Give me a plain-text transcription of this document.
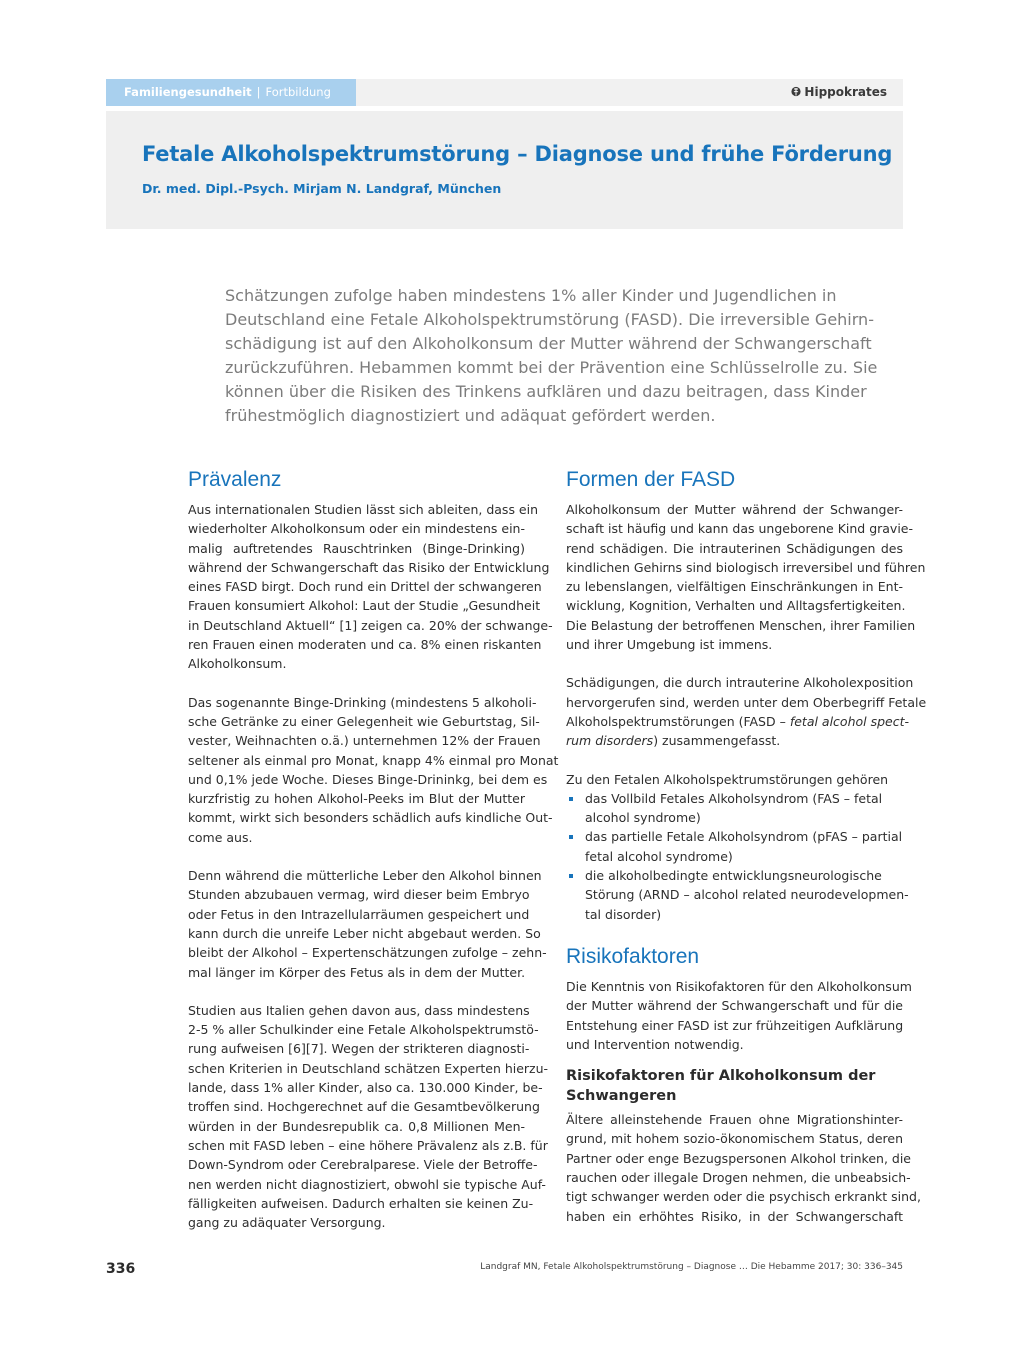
Familiengesundheit | Fortbildung	Hippokrates
Fetale Alkoholspektrumstörung – Diagnose und frühe Förderung
Dr. med. Dipl.-Psych. Mirjam N. Landgraf, München

Schätzungen zufolge haben mindestens 1% aller Kinder und Jugendlichen in
Deutschland eine Fetale Alkoholspektrumstörung (FASD). Die irreversible Gehirn-
schädigung ist auf den Alkoholkonsum der Mutter während der Schwangerschaft
zurückzuführen. Hebammen kommt bei der Prävention eine Schlüsselrolle zu. Sie
können über die Risiken des Trinkens aufklären und dazu beitragen, dass Kinder
frühestmöglich diagnostiziert und adäquat gefördert werden.

Prävalenz

Aus internationalen Studien lässt sich ableiten, dass ein
wiederholter Alkoholkonsum oder ein mindestens ein-
malig auftretendes Rauschtrinken (Binge-Drinking)
während der Schwangerschaft das Risiko der Entwicklung
eines FASD birgt. Doch rund ein Drittel der schwangeren
Frauen konsumiert Alkohol: Laut der Studie „Gesundheit
in Deutschland Aktuell“ [1] zeigen ca. 20% der schwange-
ren Frauen einen moderaten und ca. 8% einen riskanten
Alkoholkonsum.

Das sogenannte Binge-Drinking (mindestens 5 alkoholi-
sche Getränke zu einer Gelegenheit wie Geburtstag, Sil-
vester, Weihnachten o.ä.) unternehmen 12% der Frauen
seltener als einmal pro Monat, knapp 4% einmal pro Monat
und 0,1% jede Woche. Dieses Binge-Drininkg, bei dem es
kurzfristig zu hohen Alkohol-Peeks im Blut der Mutter
kommt, wirkt sich besonders schädlich aufs kindliche Out-
come aus.

Denn während die mütterliche Leber den Alkohol binnen
Stunden abzubauen vermag, wird dieser beim Embryo
oder Fetus in den Intrazellularräumen gespeichert und
kann durch die unreife Leber nicht abgebaut werden. So
bleibt der Alkohol – Expertenschätzungen zufolge – zehn-
mal länger im Körper des Fetus als in dem der Mutter.

Studien aus Italien gehen davon aus, dass mindestens
2-5 % aller Schulkinder eine Fetale Alkoholspektrumstö-
rung aufweisen [6][7]. Wegen der strikteren diagnosti-
schen Kriterien in Deutschland schätzen Experten hierzu-
lande, dass 1% aller Kinder, also ca. 130.000 Kinder, be-
troffen sind. Hochgerechnet auf die Gesamtbevölkerung
würden in der Bundesrepublik ca. 0,8 Millionen Men-
schen mit FASD leben – eine höhere Prävalenz als z.B. für
Down-Syndrom oder Cerebralparese. Viele der Betroffe-
nen werden nicht diagnostiziert, obwohl sie typische Auf-
fälligkeiten aufweisen. Dadurch erhalten sie keinen Zu-
gang zu adäquater Versorgung.

Formen der FASD

Alkoholkonsum der Mutter während der Schwanger-
schaft ist häufig und kann das ungeborene Kind gravie-
rend schädigen. Die intrauterinen Schädigungen des
kindlichen Gehirns sind biologisch irreversibel und führen
zu lebenslangen, vielfältigen Einschränkungen in Ent-
wicklung, Kognition, Verhalten und Alltagsfertigkeiten.
Die Belastung der betroffenen Menschen, ihrer Familien
und ihrer Umgebung ist immens.

Schädigungen, die durch intrauterine Alkoholexposition
hervorgerufen sind, werden unter dem Oberbegriff Fetale
Alkoholspektrumstörungen (FASD – fetal alcohol spect-
rum disorders) zusammengefasst.

Zu den Fetalen Alkoholspektrumstörungen gehören

das Vollbild Fetales Alkoholsyndrom (FAS – fetal
alcohol syndrome)
das partielle Fetale Alkoholsyndrom (pFAS – partial
fetal alcohol syndrome)
die alkoholbedingte entwicklungsneurologische
Störung (ARND – alcohol related neurodevelopmen-
tal disorder)
Risikofaktoren

Die Kenntnis von Risikofaktoren für den Alkoholkonsum
der Mutter während der Schwangerschaft und für die
Entstehung einer FASD ist zur frühzeitigen Aufklärung
und Intervention notwendig.

Risikofaktoren für Alkoholkonsum der Schwangeren

Ältere alleinstehende Frauen ohne Migrationshinter-
grund, mit hohem sozio-ökonomischem Status, deren
Partner oder enge Bezugspersonen Alkohol trinken, die
rauchen oder illegale Drogen nehmen, die unbeabsich-
tigt schwanger werden oder die psychisch erkrankt sind,
haben ein erhöhtes Risiko, in der Schwangerschaft

336	Landgraf MN, Fetale Alkoholspektrumstörung – Diagnose … Die Hebamme 2017; 30: 336–345
